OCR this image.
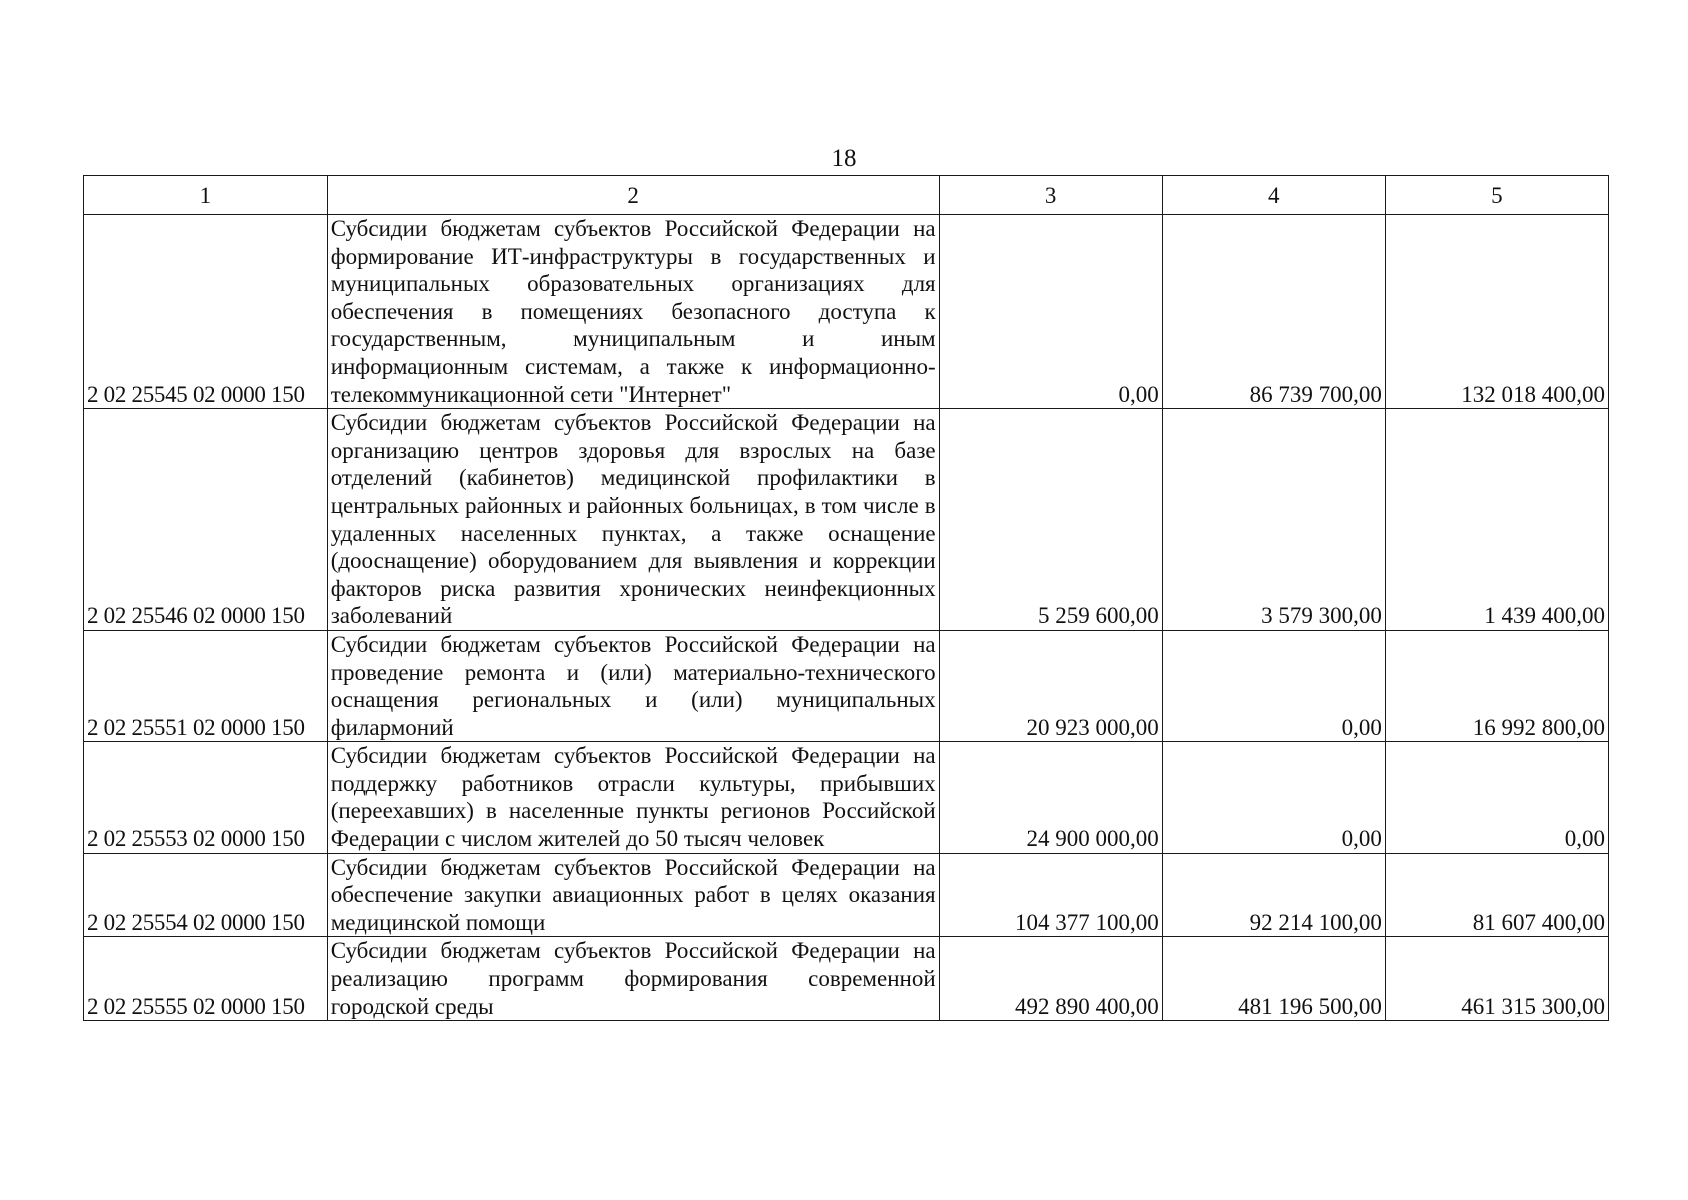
18
1	2	3	4	5
2 02 25545 02 0000 150	Субсидии бюджетам субъектов Российской Федерации на формирование ИТ-инфраструктуры в государственных и муниципальных образовательных организациях для обеспечения в помещениях безопасного доступа к государственным, муниципальным и иным информационным системам, а также к информационно-телекоммуникационной сети "Интернет"	0,00	86 739 700,00	132 018 400,00
2 02 25546 02 0000 150	Субсидии бюджетам субъектов Российской Федерации на организацию центров здоровья для взрослых на базе отделений (кабинетов) медицинской профилактики в центральных районных и районных больницах, в том числе в удаленных населенных пунктах, а также оснащение (дооснащение) оборудованием для выявления и коррекции факторов риска развития хронических неинфекционных заболеваний	5 259 600,00	3 579 300,00	1 439 400,00
2 02 25551 02 0000 150	Субсидии бюджетам субъектов Российской Федерации на проведение ремонта и (или) материально-технического оснащения региональных и (или) муниципальных филармоний	20 923 000,00	0,00	16 992 800,00
2 02 25553 02 0000 150	Субсидии бюджетам субъектов Российской Федерации на поддержку работников отрасли культуры, прибывших (переехавших) в населенные пункты регионов Российской Федерации с числом жителей до 50 тысяч человек	24 900 000,00	0,00	0,00
2 02 25554 02 0000 150	Субсидии бюджетам субъектов Российской Федерации на обеспечение закупки авиационных работ в целях оказания медицинской помощи	104 377 100,00	92 214 100,00	81 607 400,00
2 02 25555 02 0000 150	Субсидии бюджетам субъектов Российской Федерации на реализацию программ формирования современной городской среды	492 890 400,00	481 196 500,00	461 315 300,00
